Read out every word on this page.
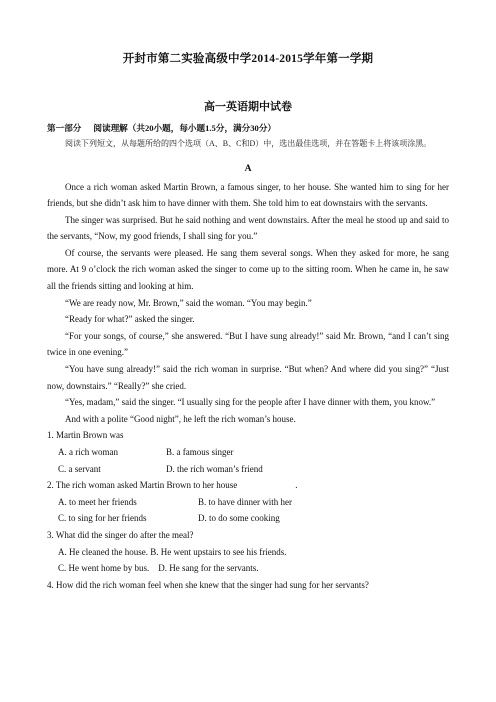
开封市第二实验高级中学2014-2015学年第一学期
高一英语期中试卷
第一部分 阅读理解（共20小题，每小题1.5分，满分30分）
阅读下列短文，从每题所给的四个选项（A、B、C和D）中，选出最佳选项，并在答题卡上将该项涂黑。
A

Once a rich woman asked Martin Brown, a famous singer, to her house. She wanted him to sing for her friends, but she didn’t ask him to have dinner with them. She told him to eat downstairs with the servants.

The singer was surprised. But he said nothing and went downstairs. After the meal he stood up and said to the servants, “Now, my good friends, I shall sing for you.”

Of course, the servants were pleased. He sang them several songs. When they asked for more, he sang more. At 9 o’clock the rich woman asked the singer to come up to the sitting room. When he came in, he saw all the friends sitting and looking at him.

“We are ready now, Mr. Brown,” said the woman. “You may begin.”

“Ready for what?” asked the singer.

“For your songs, of course,” she answered. “But I have sung already!” said Mr. Brown, “and I can’t sing twice in one evening.”

“You have sung already!” said the rich woman in surprise. “But when? And where did you sing?” “Just now, downstairs.” “Really?” she cried.

“Yes, madam,” said the singer. “I usually sing for the people after I have dinner with them, you know.”

And with a polite “Good night”, he left the rich woman’s house.

1. Martin Brown was

A. a rich woman	B. a famous singer
C. a servant	D. the rich woman’s friend

2. The rich woman asked Martin Brown to her house	.

A. to meet her friends	B. to have dinner with her
C. to sing for her friends	D. to do some cooking

3. What did the singer do after the meal?

A. He cleaned the house.
B. He went upstairs to see his friends.
C. He went home by bus.
D. He sang for the servants.

4. How did the rich woman feel when she knew that the singer had sung for her servants?
